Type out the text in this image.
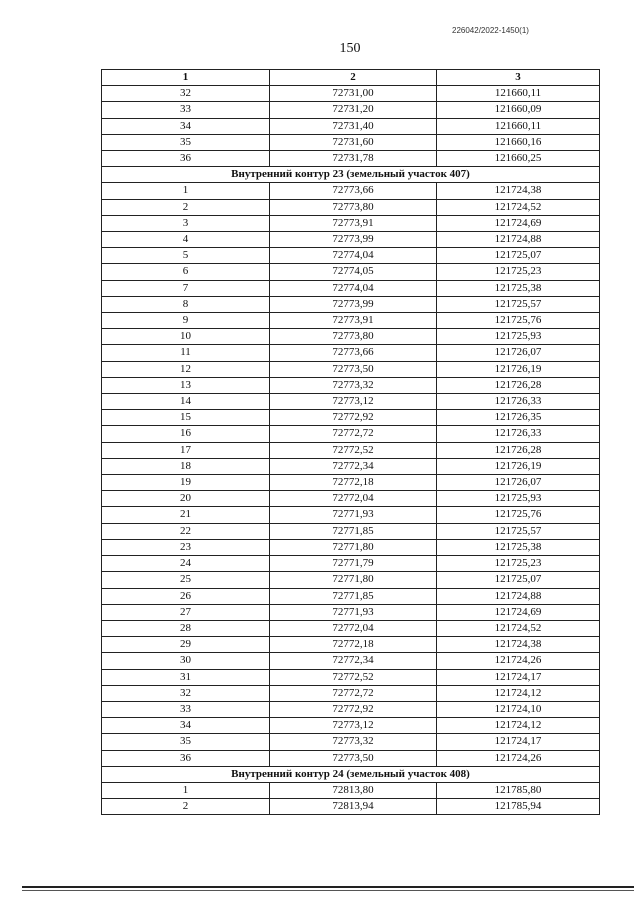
226042/2022-1450(1)
150
1	2	3
32	72731,00	121660,11
33	72731,20	121660,09
34	72731,40	121660,11
35	72731,60	121660,16
36	72731,78	121660,25
Внутренний контур 23 (земельный участок 407)		
1	72773,66	121724,38
2	72773,80	121724,52
3	72773,91	121724,69
4	72773,99	121724,88
5	72774,04	121725,07
6	72774,05	121725,23
7	72774,04	121725,38
8	72773,99	121725,57
9	72773,91	121725,76
10	72773,80	121725,93
11	72773,66	121726,07
12	72773,50	121726,19
13	72773,32	121726,28
14	72773,12	121726,33
15	72772,92	121726,35
16	72772,72	121726,33
17	72772,52	121726,28
18	72772,34	121726,19
19	72772,18	121726,07
20	72772,04	121725,93
21	72771,93	121725,76
22	72771,85	121725,57
23	72771,80	121725,38
24	72771,79	121725,23
25	72771,80	121725,07
26	72771,85	121724,88
27	72771,93	121724,69
28	72772,04	121724,52
29	72772,18	121724,38
30	72772,34	121724,26
31	72772,52	121724,17
32	72772,72	121724,12
33	72772,92	121724,10
34	72773,12	121724,12
35	72773,32	121724,17
36	72773,50	121724,26
Внутренний контур 24 (земельный участок 408)		
1	72813,80	121785,80
2	72813,94	121785,94
